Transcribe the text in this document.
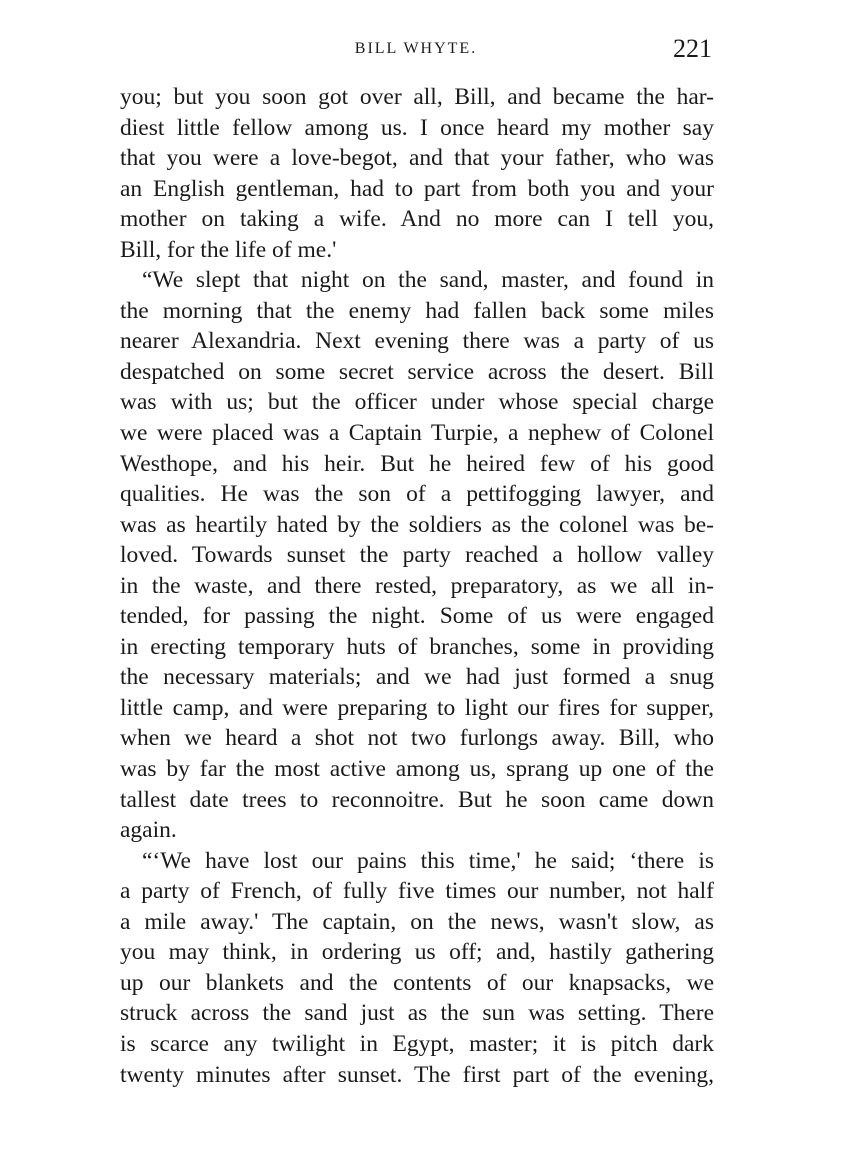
BILL WHYTE.	221
you; but you soon got over all, Bill, and became the har-
diest little fellow among us. I once heard my mother say
that you were a love-begot, and that your father, who was
an English gentleman, had to part from both you and your
mother on taking a wife. And no more can I tell you,
Bill, for the life of me.'
“We slept that night on the sand, master, and found in
the morning that the enemy had fallen back some miles
nearer Alexandria. Next evening there was a party of us
despatched on some secret service across the desert. Bill
was with us; but the officer under whose special charge
we were placed was a Captain Turpie, a nephew of Colonel
Westhope, and his heir. But he heired few of his good
qualities. He was the son of a pettifogging lawyer, and
was as heartily hated by the soldiers as the colonel was be-
loved. Towards sunset the party reached a hollow valley
in the waste, and there rested, preparatory, as we all in-
tended, for passing the night. Some of us were engaged
in erecting temporary huts of branches, some in providing
the necessary materials; and we had just formed a snug
little camp, and were preparing to light our fires for supper,
when we heard a shot not two furlongs away. Bill, who
was by far the most active among us, sprang up one of the
tallest date trees to reconnoitre. But he soon came down
again.
“‘We have lost our pains this time,' he said; ‘there is
a party of French, of fully five times our number, not half
a mile away.' The captain, on the news, wasn't slow, as
you may think, in ordering us off; and, hastily gathering
up our blankets and the contents of our knapsacks, we
struck across the sand just as the sun was setting. There
is scarce any twilight in Egypt, master; it is pitch dark
twenty minutes after sunset. The first part of the evening,
